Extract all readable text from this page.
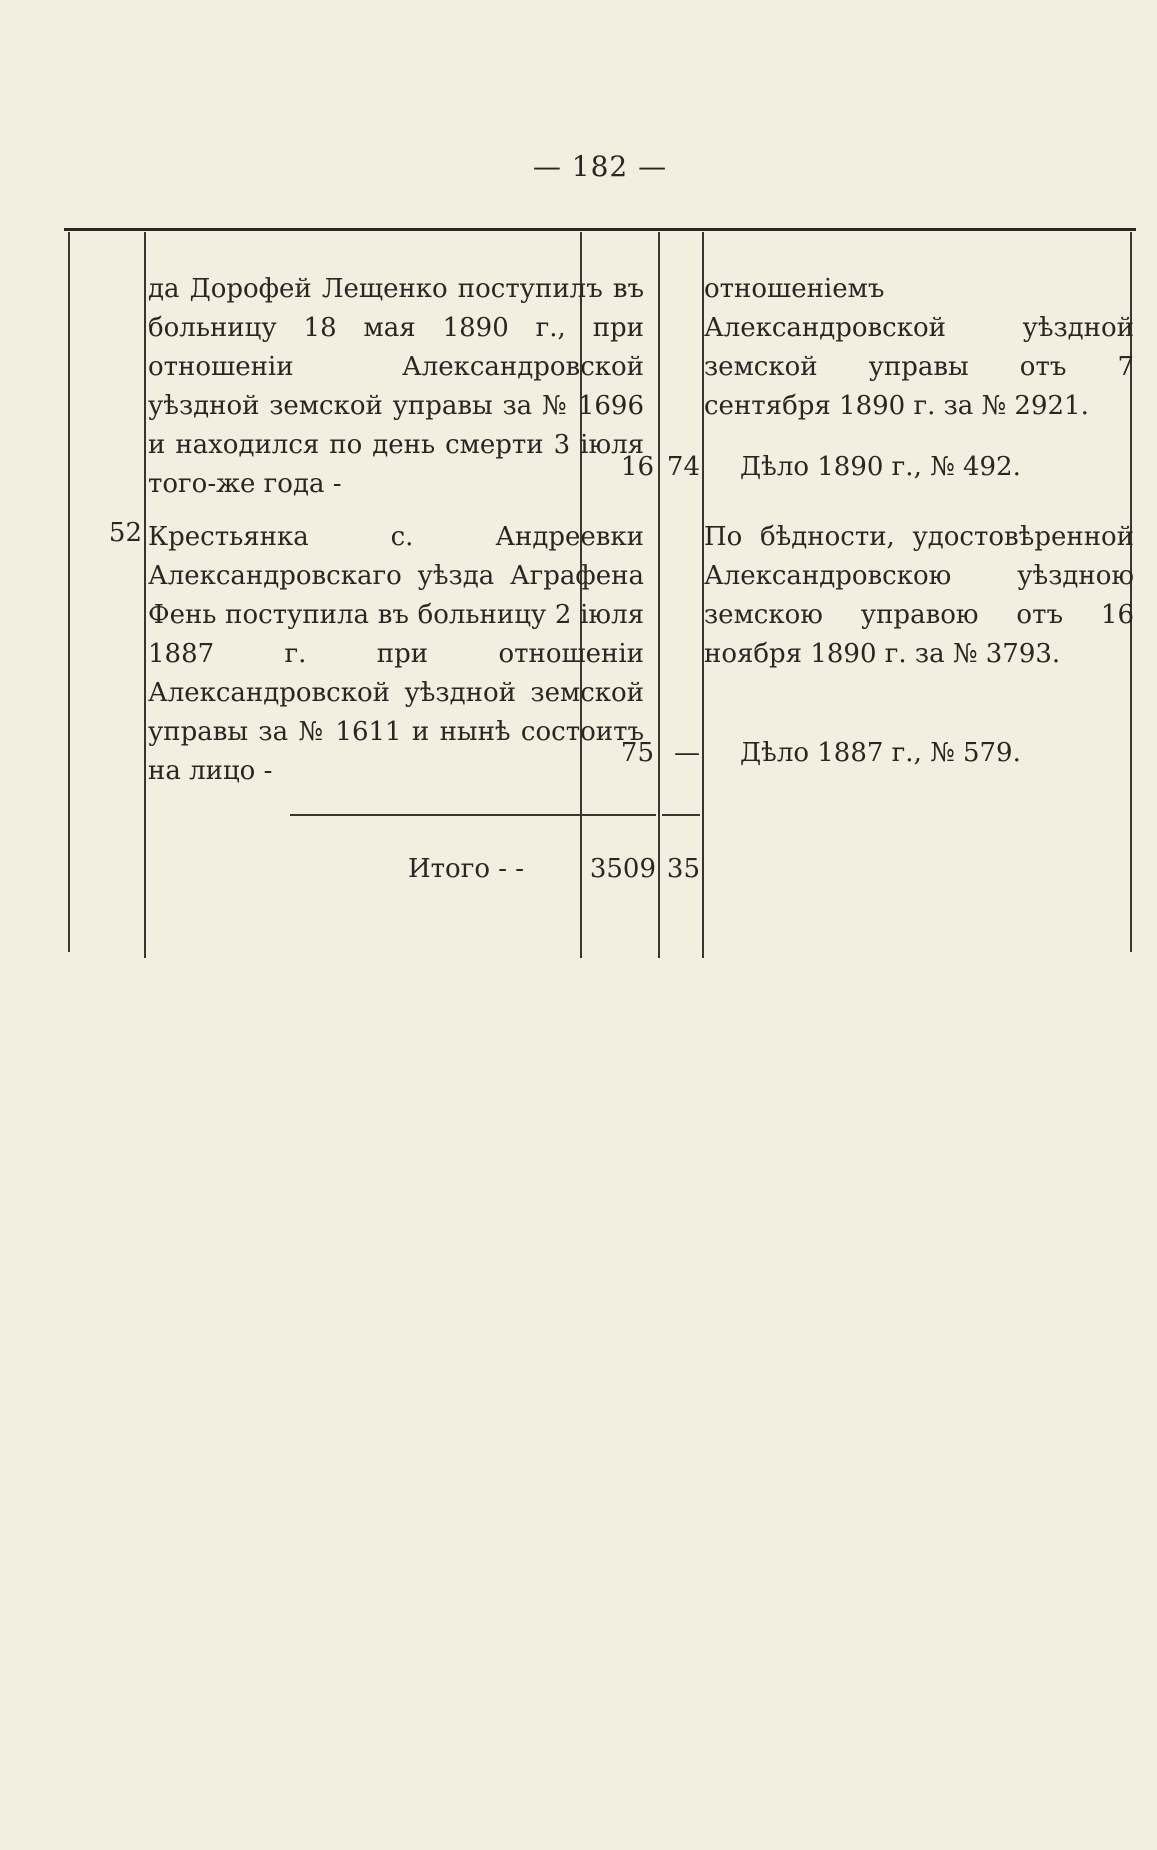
— 182 —
да Дорофей Лещенко поступилъ въ больницу 18 мая 1890 г., при отношеніи Александровской уѣздной земской управы за № 1696 и находился по день смерти 3 іюля того-же года -
16 74
отношеніемъ Александровской уѣздной земской управы отъ 7 сентября 1890 г. за № 2921.
Дѣло 1890 г., № 492.
52 Крестьянка с. Андреевки Александровскаго уѣзда Аграфена Фень поступила въ больницу 2 іюля 1887 г. при отношеніи Александровской уѣздной земской управы за № 1611 и нынѣ состоитъ на лицо -
75 —
По бѣдности, удостовѣренной Александровскою уѣздною земскою управою отъ 16 ноября 1890 г. за № 3793.
Дѣло 1887 г., № 579.
Итого - -	3509 35
